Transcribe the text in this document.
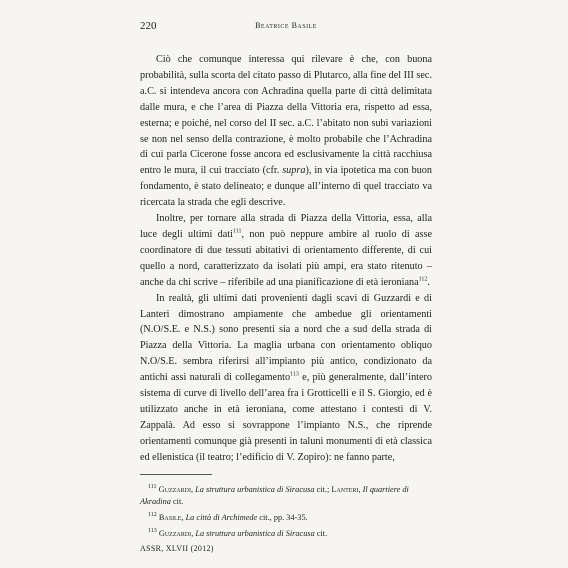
220	Beatrice Basile

Ciò che comunque interessa qui rilevare è che, con buona probabilità, sulla scorta del citato passo di Plutarco, alla fine del III sec. a.C. si intendeva ancora con Achradina quella parte di città delimitata dalle mura, e che l’area di Piazza della Vittoria era, rispetto ad essa, esterna; e poiché, nel corso del II sec. a.C. l’abitato non subì variazioni se non nel senso della contrazione, è molto probabile che l’Achradina di cui parla Cicerone fosse ancora ed esclusivamente la città racchiusa entro le mura, il cui tracciato (cfr. supra), in via ipotetica ma con buon fondamento, è stato delineato; e dunque all’interno di quel tracciato va ricercata la strada che egli descrive.

Inoltre, per tornare alla strada di Piazza della Vittoria, essa, alla luce degli ultimi dati$^{111}$, non può neppure ambire al ruolo di asse coordinatore di due tessuti abitativi di orientamento differente, di cui quello a nord, caratterizzato da isolati più ampi, era stato ritenuto – anche da chi scrive – riferibile ad una pianificazione di età ieroniana$^{112}$.

In realtà, gli ultimi dati provenienti dagli scavi di Guzzardi e di Lanteri dimostrano ampiamente che ambedue gli orientamenti (N.O/S.E. e N.S.) sono presenti sia a nord che a sud della strada di Piazza della Vittoria. La maglia urbana con orientamento obliquo N.O/S.E. sembra riferirsi all’impianto più antico, condizionato da antichi assi naturali di collegamento$^{113}$ e, più generalmente, dall’intero sistema di curve di livello dell’area fra i Grotticelli e il S. Giorgio, ed è utilizzato anche in età ieroniana, come attestano i contesti di V. Zappalà. Ad esso si sovrappone l’impianto N.S., che riprende orientamenti comunque già presenti in taluni monumenti di età classica ed ellenistica (il teatro; l’edificio di V. Zopiro): ne fanno parte,

$^{111}$ Guzzardi, La struttura urbanistica di Siracusa cit.; Lanteri, Il quartiere di Akradina cit.

$^{112}$ Basile, La città di Archimede cit., pp. 34-35.

$^{113}$ Guzzardi, La struttura urbanistica di Siracusa cit.

ASSR, XLVII (2012)
